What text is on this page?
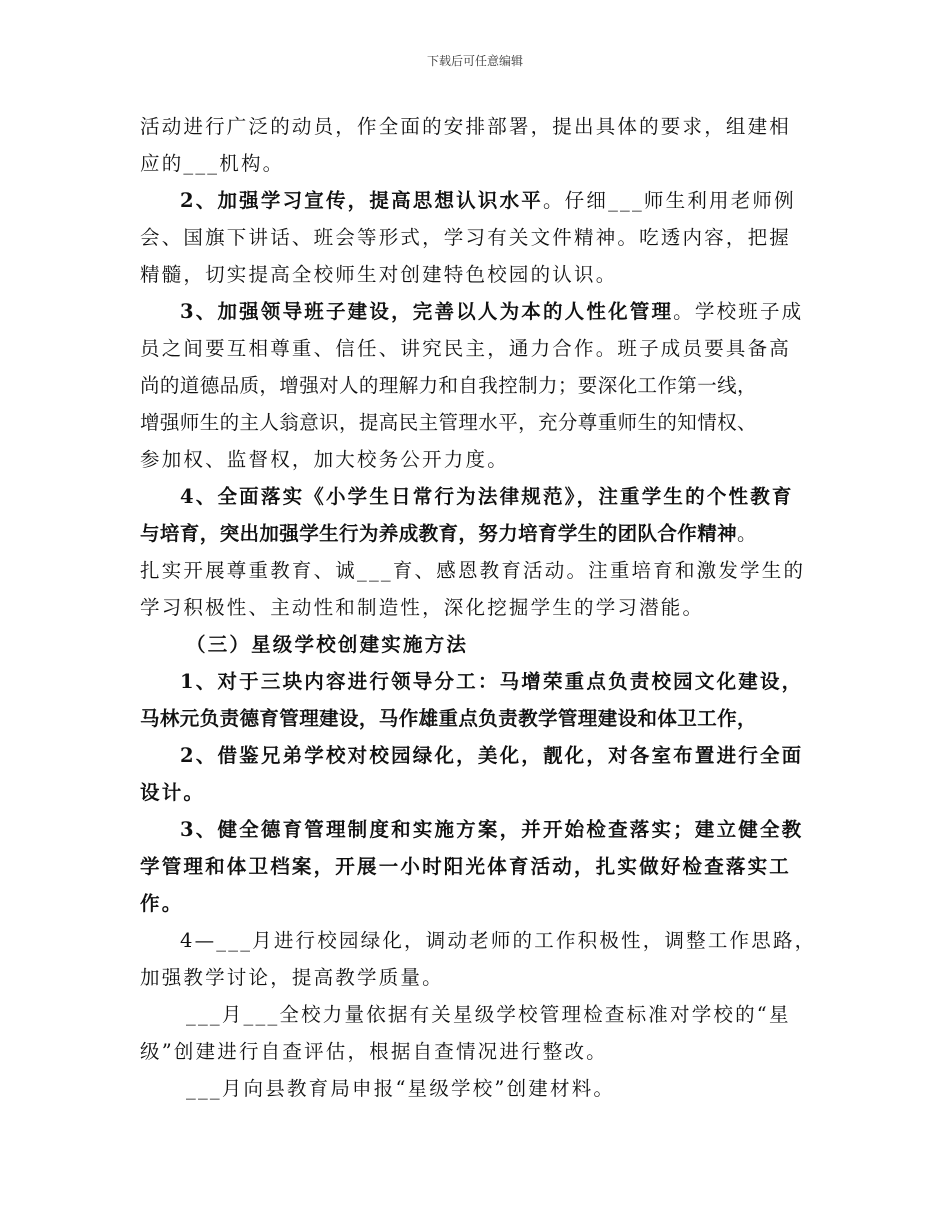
下载后可任意编辑
活动进行广泛的动员，作全面的安排部署，提出具体的要求，组建相
应的___机构。
2、加强学习宣传，提高思想认识水平。仔细___师生利用老师例
会、国旗下讲话、班会等形式，学习有关文件精神。吃透内容，把握
精髓，切实提高全校师生对创建特色校园的认识。
3、加强领导班子建设，完善以人为本的人性化管理。学校班子成
员之间要互相尊重、信任、讲究民主，通力合作。班子成员要具备高
尚的道德品质，增强对人的理解力和自我控制力；要深化工作第一线，
增强师生的主人翁意识，提高民主管理水平，充分尊重师生的知情权、
参加权、监督权，加大校务公开力度。
4、全面落实《小学生日常行为法律规范》，注重学生的个性教育
与培育，突出加强学生行为养成教育，努力培育学生的团队合作精神。
扎实开展尊重教育、诚___育、感恩教育活动。注重培育和激发学生的
学习积极性、主动性和制造性，深化挖掘学生的学习潜能。
（三）星级学校创建实施方法
1、对于三块内容进行领导分工：马增荣重点负责校园文化建设，
马林元负责德育管理建设，马作雄重点负责教学管理建设和体卫工作，
2、借鉴兄弟学校对校园绿化，美化，靓化，对各室布置进行全面
设计。
3、健全德育管理制度和实施方案，并开始检查落实；建立健全教
学管理和体卫档案，开展一小时阳光体育活动，扎实做好检查落实工
作。
4—___月进行校园绿化，调动老师的工作积极性，调整工作思路，
加强教学讨论，提高教学质量。
___月___全校力量依据有关星级学校管理检查标准对学校的“星
级”创建进行自查评估，根据自查情况进行整改。
___月向县教育局申报“星级学校”创建材料。
